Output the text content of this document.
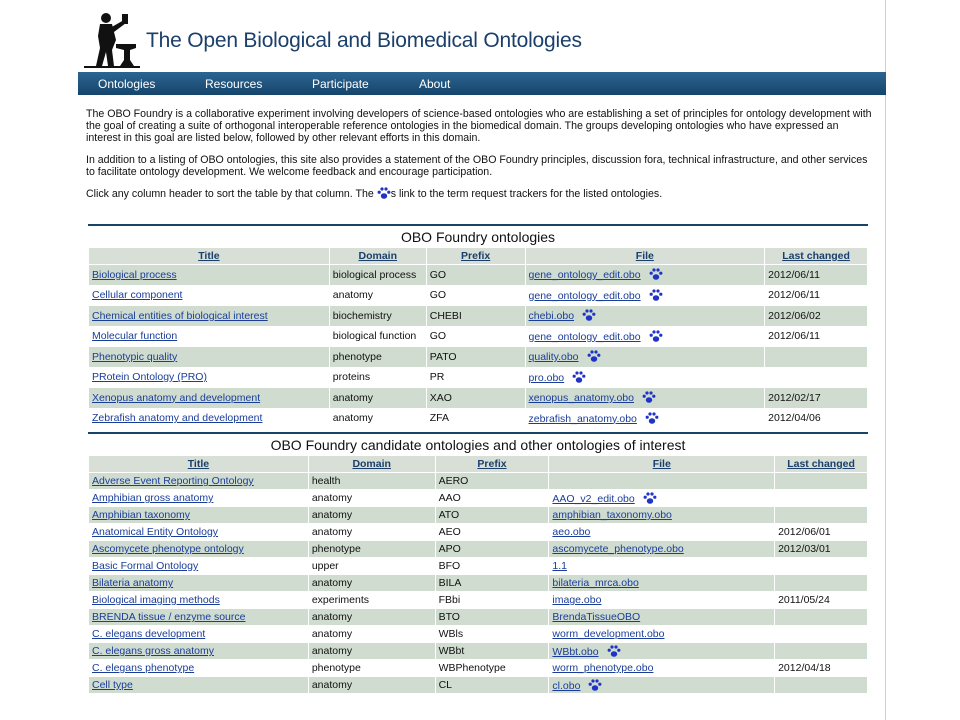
The Open Biological and Biomedical Ontologies
Ontologies	Resources	Participate	About

The OBO Foundry is a collaborative experiment involving developers of science-based ontologies who are establishing a set of principles for ontology development with the goal of creating a suite of orthogonal interoperable reference ontologies in the biomedical domain. The groups developing ontologies who have expressed an interest in this goal are listed below, followed by other relevant efforts in this domain.

In addition to a listing of OBO ontologies, this site also provides a statement of the OBO Foundry principles, discussion fora, technical infrastructure, and other services to facilitate ontology development. We welcome feedback and encourage participation.

Click any column header to sort the table by that column. The s link to the term request trackers for the listed ontologies.

OBO Foundry ontologies
Title	Domain	Prefix	File	Last changed
Biological process	biological process	GO	gene_ontology_edit.obo	2012/06/11
Cellular component	anatomy	GO	gene_ontology_edit.obo	2012/06/11
Chemical entities of biological interest	biochemistry	CHEBI	chebi.obo	2012/06/02
Molecular function	biological function	GO	gene_ontology_edit.obo	2012/06/11
Phenotypic quality	phenotype	PATO	quality.obo	
PRotein Ontology (PRO)	proteins	PR	pro.obo	
Xenopus anatomy and development	anatomy	XAO	xenopus_anatomy.obo	2012/02/17
Zebrafish anatomy and development	anatomy	ZFA	zebrafish_anatomy.obo	2012/04/06
OBO Foundry candidate ontologies and other ontologies of interest
Title	Domain	Prefix	File	Last changed
Adverse Event Reporting Ontology	health	AERO		
Amphibian gross anatomy	anatomy	AAO	AAO_v2_edit.obo	
Amphibian taxonomy	anatomy	ATO	amphibian_taxonomy.obo	
Anatomical Entity Ontology	anatomy	AEO	aeo.obo	2012/06/01
Ascomycete phenotype ontology	phenotype	APO	ascomycete_phenotype.obo	2012/03/01
Basic Formal Ontology	upper	BFO	1.1	
Bilateria anatomy	anatomy	BILA	bilateria_mrca.obo	
Biological imaging methods	experiments	FBbi	image.obo	2011/05/24
BRENDA tissue / enzyme source	anatomy	BTO	BrendaTissueOBO	
C. elegans development	anatomy	WBls	worm_development.obo	
C. elegans gross anatomy	anatomy	WBbt	WBbt.obo	
C. elegans phenotype	phenotype	WBPhenotype	worm_phenotype.obo	2012/04/18
Cell type	anatomy	CL	cl.obo	
